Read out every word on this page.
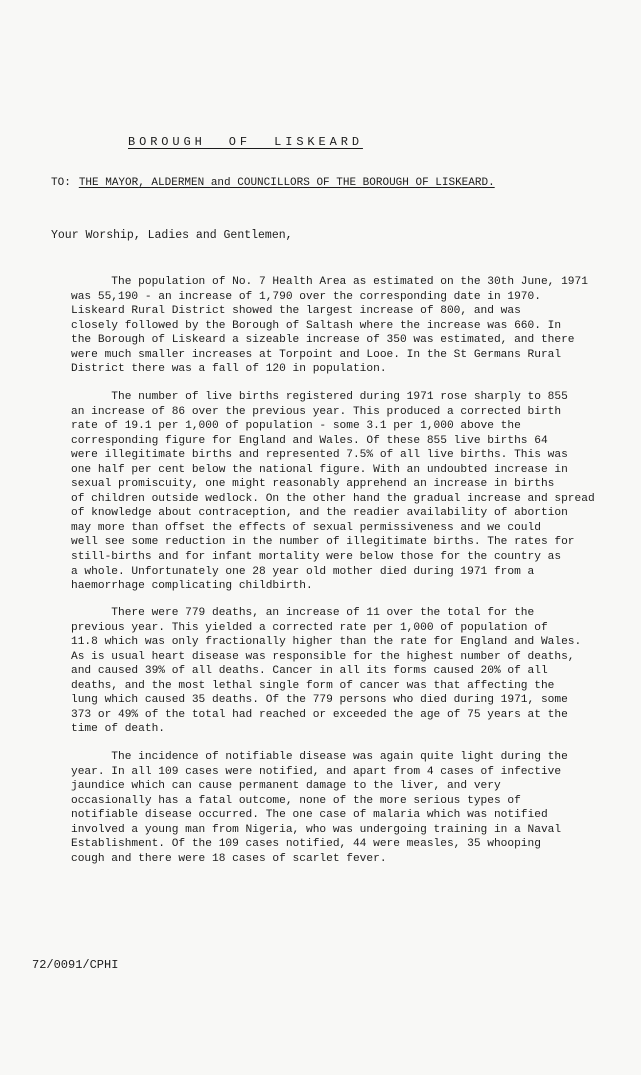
BOROUGH OF LISKEARD
TO: THE MAYOR, ALDERMEN and COUNCILLORS OF THE BOROUGH OF LISKEARD.
Your Worship, Ladies and Gentlemen,

The population of No. 7 Health Area as estimated on the 30th June, 1971
was 55,190 - an increase of 1,790 over the corresponding date in 1970.
Liskeard Rural District showed the largest increase of 800, and was
closely followed by the Borough of Saltash where the increase was 660. In
the Borough of Liskeard a sizeable increase of 350 was estimated, and there
were much smaller increases at Torpoint and Looe. In the St Germans Rural
District there was a fall of 120 in population.

The number of live births registered during 1971 rose sharply to 855
an increase of 86 over the previous year. This produced a corrected birth
rate of 19.1 per 1,000 of population - some 3.1 per 1,000 above the
corresponding figure for England and Wales. Of these 855 live births 64
were illegitimate births and represented 7.5% of all live births. This was
one half per cent below the national figure. With an undoubted increase in
sexual promiscuity, one might reasonably apprehend an increase in births
of children outside wedlock. On the other hand the gradual increase and spread
of knowledge about contraception, and the readier availability of abortion
may more than offset the effects of sexual permissiveness and we could
well see some reduction in the number of illegitimate births. The rates for
still-births and for infant mortality were below those for the country as
a whole. Unfortunately one 28 year old mother died during 1971 from a
haemorrhage complicating childbirth.

There were 779 deaths, an increase of 11 over the total for the
previous year. This yielded a corrected rate per 1,000 of population of
11.8 which was only fractionally higher than the rate for England and Wales.
As is usual heart disease was responsible for the highest number of deaths,
and caused 39% of all deaths. Cancer in all its forms caused 20% of all
deaths, and the most lethal single form of cancer was that affecting the
lung which caused 35 deaths. Of the 779 persons who died during 1971, some
373 or 49% of the total had reached or exceeded the age of 75 years at the
time of death.

The incidence of notifiable disease was again quite light during the
year. In all 109 cases were notified, and apart from 4 cases of infective
jaundice which can cause permanent damage to the liver, and very
occasionally has a fatal outcome, none of the more serious types of
notifiable disease occurred. The one case of malaria which was notified
involved a young man from Nigeria, who was undergoing training in a Naval
Establishment. Of the 109 cases notified, 44 were measles, 35 whooping
cough and there were 18 cases of scarlet fever.

72/0091/CPHI
